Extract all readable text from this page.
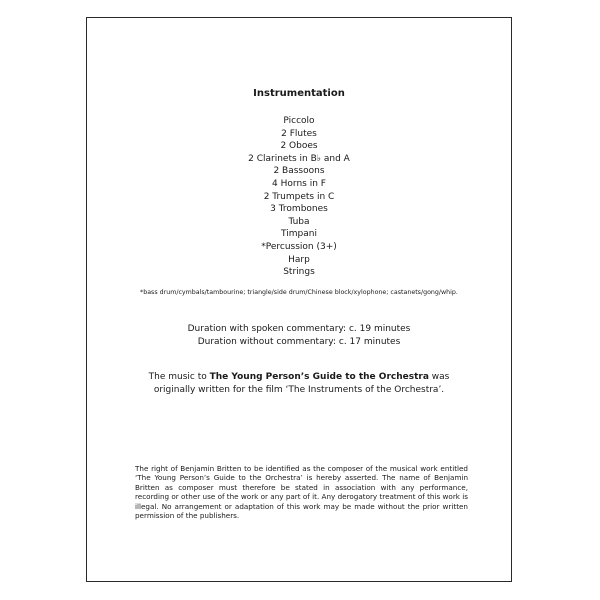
Instrumentation
Piccolo
2 Flutes
2 Oboes
2 Clarinets in B♭ and A
2 Bassoons
4 Horns in F
2 Trumpets in C
3 Trombones
Tuba
Timpani
*Percussion (3+)
Harp
Strings
*bass drum/cymbals/tambourine; triangle/side drum/Chinese block/xylophone; castanets/gong/whip.
Duration with spoken commentary: c. 19 minutes
Duration without commentary: c. 17 minutes
The music to The Young Person’s Guide to the Orchestra was
originally written for the film ‘The Instruments of the Orchestra’.

The right of Benjamin Britten to be identified as the composer of the musical work entitled ‘The Young Person’s Guide to the Orchestra’ is hereby asserted. The name of Benjamin Britten as composer must therefore be stated in association with any performance, recording or other use of the work or any part of it. Any derogatory treatment of this work is illegal. No arrangement or adaptation of this work may be made without the prior written permission of the publishers.
